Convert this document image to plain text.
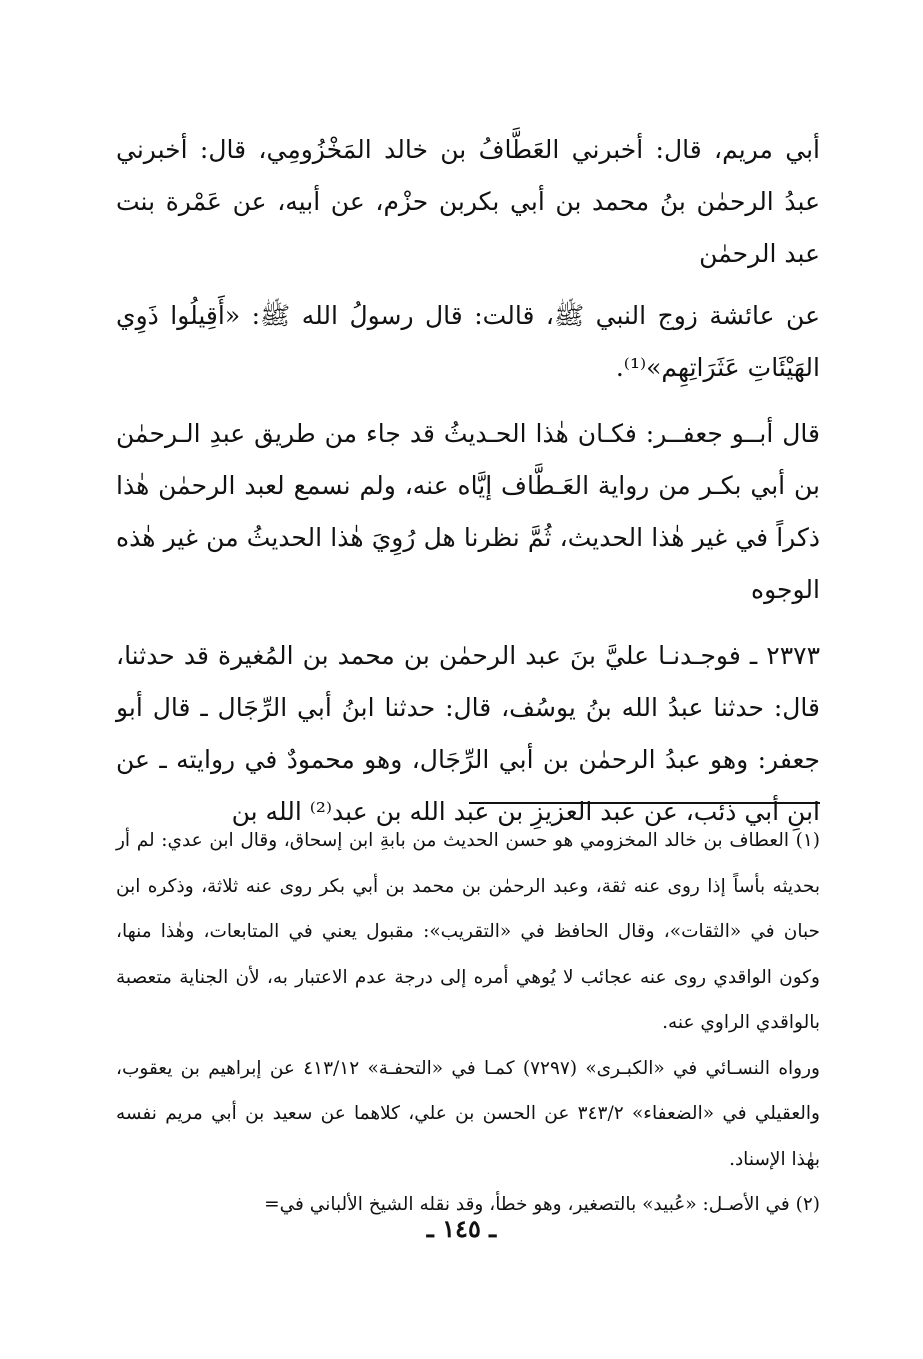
أبي مريم، قال: أخبرني العَطَّافُ بن خالد المَخْزُومِي، قال: أخبرني عبدُ الرحمٰن بنُ محمد بن أبي بكربن حزْم، عن أبيه، عن عَمْرة بنت عبد الرحمٰن

عن عائشة زوج النبي ﷺ، قالت: قال رسولُ الله ﷺ: «أَقِيلُوا ذَوِي الهَيْئَاتِ عَثَرَاتِهِم»⁽¹⁾.

قال أبــو جعفــر: فكـان هٰذا الحـديثُ قد جاء من طريق عبدِ الـرحمٰن بن أبي بكـر من رواية العَـطَّاف إيَّاه عنه، ولم نسمع لعبد الرحمٰن هٰذا ذكراً في غير هٰذا الحديث، ثُمَّ نظرنا هل رُوِيَ هٰذا الحديثُ من غير هٰذه الوجوه

٢٣٧٣ ـ فوجـدنـا عليَّ بنَ عبد الرحمٰن بن محمد بن المُغيرة قد حدثنا، قال: حدثنا عبدُ الله بنُ يوسُف، قال: حدثنا ابنُ أبي الرِّجَال ـ قال أبو جعفر: وهو عبدُ الرحمٰن بن أبي الرِّجَال، وهو محمودٌ في روايته ـ عن ابنِ أبي ذئب، عن عبد العزيزِ بن عبد الله بن عبد⁽²⁾ الله بن

(١) العطاف بن خالد المخزومي هو حسن الحديث من بابةِ ابن إسحاق، وقال ابن عدي: لم أر بحديثه بأساً إذا روى عنه ثقة، وعبد الرحمٰن بن محمد بن أبي بكر روى عنه ثلاثة، وذكره ابن حبان في «الثقات»، وقال الحافظ في «التقريب»: مقبول يعني في المتابعات، وهٰذا منها، وكون الواقدي روى عنه عجائب لا يُوهي أمره إلى درجة عدم الاعتبار به، لأن الجناية متعصبة بالواقدي الراوي عنه.

ورواه النسـائي في «الكبـرى» (٧٢٩٧) كمـا في «التحفـة» ٤١٣/١٢ عن إبراهيم بن يعقوب، والعقيلي في «الضعفاء» ٣٤٣/٢ عن الحسن بن علي، كلاهما عن سعيد بن أبي مريم نفسه بهٰذا الإسناد.

(٢) في الأصـل: «عُبيد» بالتصغير، وهو خطأ، وقد نقله الشيخ الألباني في=

ـ ١٤٥ ـ
